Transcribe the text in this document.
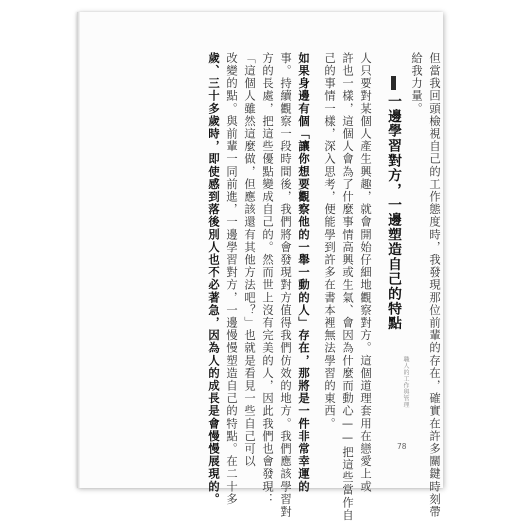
但當我回頭檢視自己的工作態度時，我發現那位前輩的存在，確實在許多關鍵時刻帶
給我力量。
一邊學習對方，一邊塑造自己的特點
人只要對某個人產生興趣，就會開始仔細地觀察對方。這個道理套用在戀愛上或
許也一樣，這個人會為了什麼事情高興或生氣、會因為什麼而動心——把這些當作自
己的事情一樣，深入思考，便能學到許多在書本裡無法學習的東西。
如果身邊有個「讓你想要觀察他的一舉一動的人」存在，那將是一件非常幸運的
事。持續觀察一段時間後，我們將會發現對方值得我們仿效的地方。我們應該學習對
方的長處，把這些優點變成自己的。然而世上沒有完美的人，因此我們也會發現：
「這個人雖然這麼做，但應該還有其他方法吧？」也就是看見一些自己可以
改變的點。與前輩一同前進，一邊學習對方，一邊慢慢塑造自己的特點。在二十多
歲、三十多歲時，即使感到落後別人也不必著急，因為人的成長是會慢慢展現的。	職人的工作與管理
78
